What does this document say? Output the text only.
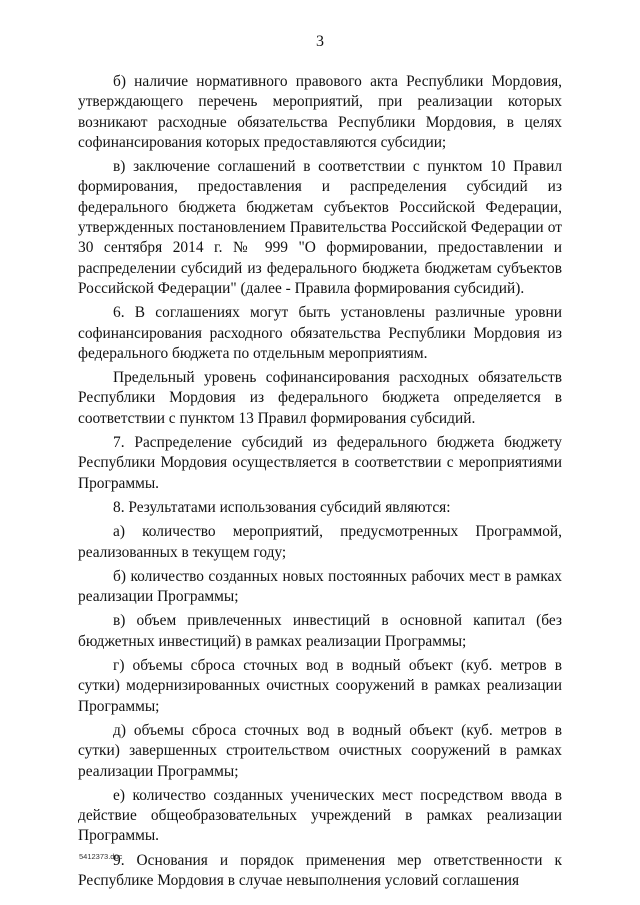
3

б) наличие нормативного правового акта Республики Мордовия, утверждающего перечень мероприятий, при реализации которых возникают расходные обязательства Республики Мордовия, в целях софинансирования которых предоставляются субсидии;

в) заключение соглашений в соответствии с пунктом 10 Правил формирования, предоставления и распределения субсидий из федерального бюджета бюджетам субъектов Российской Федерации, утвержденных постановлением Правительства Российской Федерации от 30 сентября 2014 г. № 999 "О формировании, предоставлении и распределении субсидий из федерального бюджета бюджетам субъектов Российской Федерации" (далее - Правила формирования субсидий).

6. В соглашениях могут быть установлены различные уровни софинансирования расходного обязательства Республики Мордовия из федерального бюджета по отдельным мероприятиям.

Предельный уровень софинансирования расходных обязательств Республики Мордовия из федерального бюджета определяется в соответствии с пунктом 13 Правил формирования субсидий.

7. Распределение субсидий из федерального бюджета бюджету Республики Мордовия осуществляется в соответствии с мероприятиями Программы.

8. Результатами использования субсидий являются:

а) количество мероприятий, предусмотренных Программой, реализованных в текущем году;

б) количество созданных новых постоянных рабочих мест в рамках реализации Программы;

в) объем привлеченных инвестиций в основной капитал (без бюджетных инвестиций) в рамках реализации Программы;

г) объемы сброса сточных вод в водный объект (куб. метров в сутки) модернизированных очистных сооружений в рамках реализации Программы;

д) объемы сброса сточных вод в водный объект (куб. метров в сутки) завершенных строительством очистных сооружений в рамках реализации Программы;

е) количество созданных ученических мест посредством ввода в действие общеобразовательных учреждений в рамках реализации Программы.

9. Основания и порядок применения мер ответственности к Республике Мордовия в случае невыполнения условий соглашения

5412373.doc
